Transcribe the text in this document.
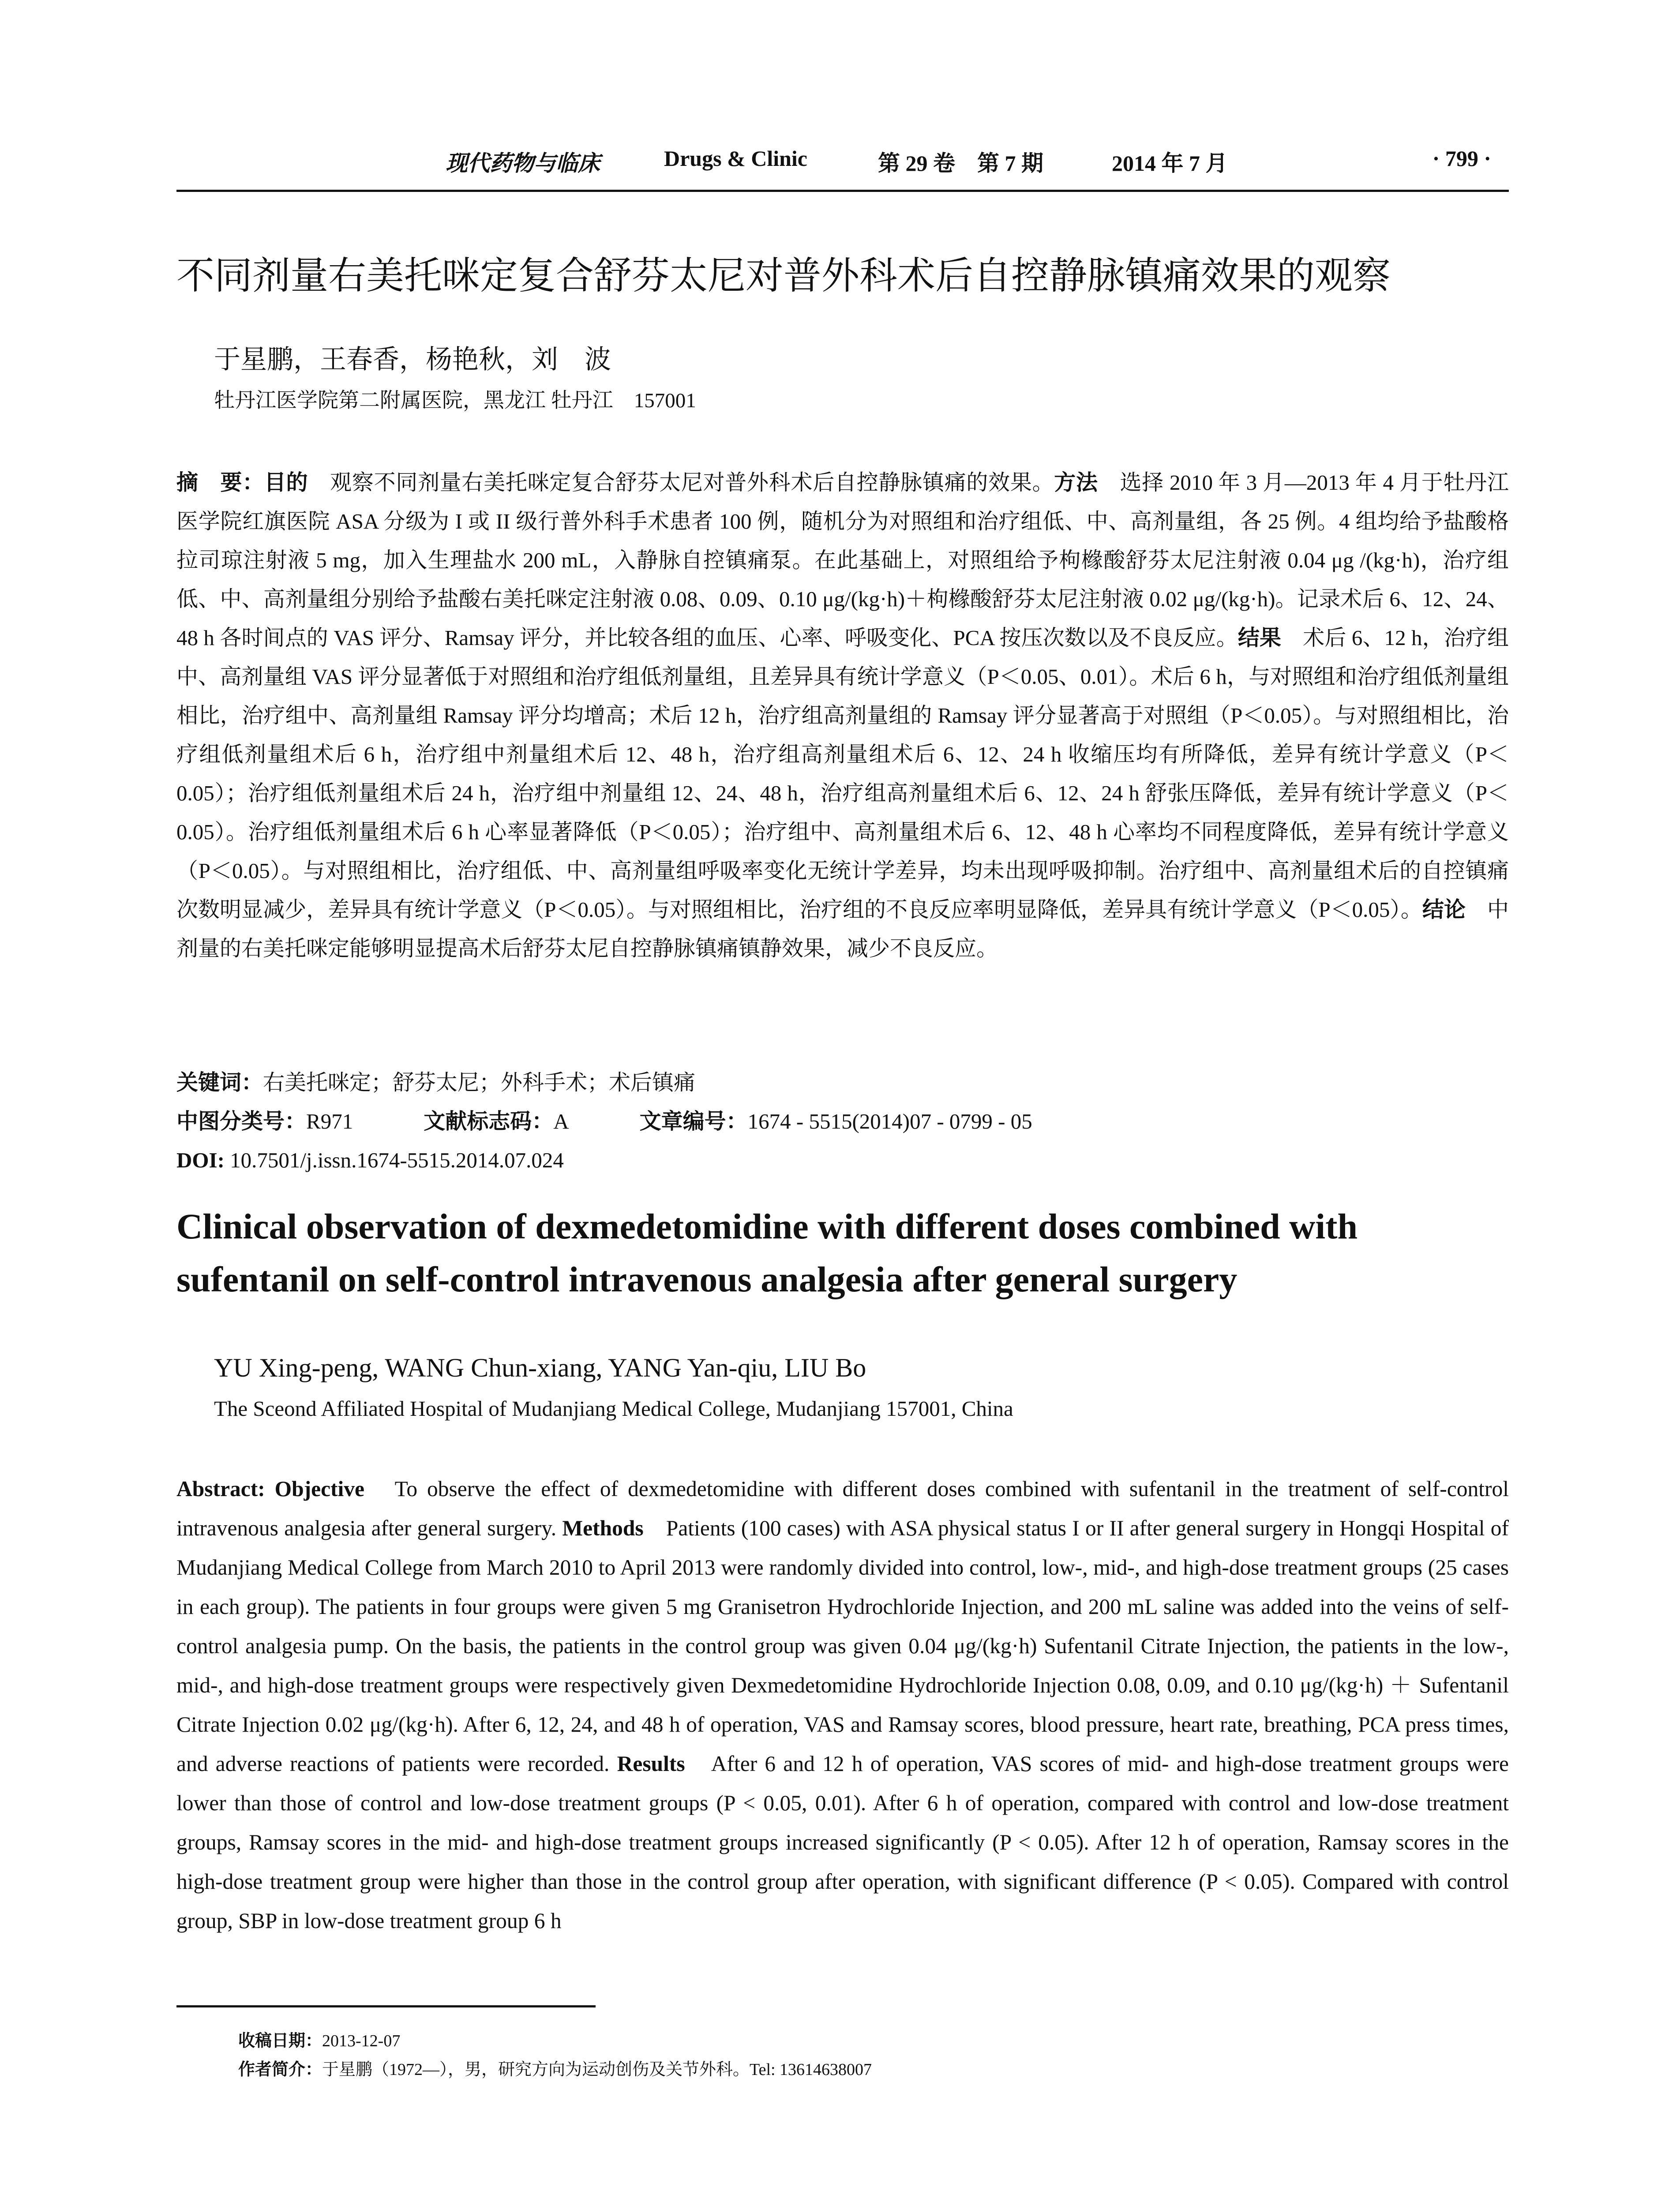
现代药物与临床	Drugs & Clinic	第 29 卷　第 7 期	2014 年 7 月	· 799 ·
不同剂量右美托咪定复合舒芬太尼对普外科术后自控静脉镇痛效果的观察
于星鹏，王春香，杨艳秋，刘　波
牡丹江医学院第二附属医院，黑龙江 牡丹江　157001
摘　要：目的　观察不同剂量右美托咪定复合舒芬太尼对普外科术后自控静脉镇痛的效果。方法　选择 2010 年 3 月—2013 年 4 月于牡丹江医学院红旗医院 ASA 分级为 I 或 II 级行普外科手术患者 100 例，随机分为对照组和治疗组低、中、高剂量组，各 25 例。4 组均给予盐酸格拉司琼注射液 5 mg，加入生理盐水 200 mL，入静脉自控镇痛泵。在此基础上，对照组给予枸橼酸舒芬太尼注射液 0.04 μg /(kg·h)，治疗组低、中、高剂量组分别给予盐酸右美托咪定注射液 0.08、0.09、0.10 μg/(kg·h)＋枸橼酸舒芬太尼注射液 0.02 μg/(kg·h)。记录术后 6、12、24、48 h 各时间点的 VAS 评分、Ramsay 评分，并比较各组的血压、心率、呼吸变化、PCA 按压次数以及不良反应。结果　术后 6、12 h，治疗组中、高剂量组 VAS 评分显著低于对照组和治疗组低剂量组，且差异具有统计学意义（P＜0.05、0.01）。术后 6 h，与对照组和治疗组低剂量组相比，治疗组中、高剂量组 Ramsay 评分均增高；术后 12 h，治疗组高剂量组的 Ramsay 评分显著高于对照组（P＜0.05）。与对照组相比，治疗组低剂量组术后 6 h，治疗组中剂量组术后 12、48 h，治疗组高剂量组术后 6、12、24 h 收缩压均有所降低，差异有统计学意义（P＜0.05）；治疗组低剂量组术后 24 h，治疗组中剂量组 12、24、48 h，治疗组高剂量组术后 6、12、24 h 舒张压降低，差异有统计学意义（P＜0.05）。治疗组低剂量组术后 6 h 心率显著降低（P＜0.05）；治疗组中、高剂量组术后 6、12、48 h 心率均不同程度降低，差异有统计学意义（P＜0.05）。与对照组相比，治疗组低、中、高剂量组呼吸率变化无统计学差异，均未出现呼吸抑制。治疗组中、高剂量组术后的自控镇痛次数明显减少，差异具有统计学意义（P＜0.05）。与对照组相比，治疗组的不良反应率明显降低，差异具有统计学意义（P＜0.05）。结论　中剂量的右美托咪定能够明显提高术后舒芬太尼自控静脉镇痛镇静效果，减少不良反应。
关键词：右美托咪定；舒芬太尼；外科手术；术后镇痛
中图分类号：R971	文献标志码：A	文章编号：1674 - 5515(2014)07 - 0799 - 05
DOI: 10.7501/j.issn.1674-5515.2014.07.024
Clinical observation of dexmedetomidine with different doses combined with sufentanil on self-control intravenous analgesia after general surgery
YU Xing-peng, WANG Chun-xiang, YANG Yan-qiu, LIU Bo
The Sceond Affiliated Hospital of Mudanjiang Medical College, Mudanjiang 157001, China
Abstract: Objective　To observe the effect of dexmedetomidine with different doses combined with sufentanil in the treatment of self-control intravenous analgesia after general surgery. Methods　Patients (100 cases) with ASA physical status I or II after general surgery in Hongqi Hospital of Mudanjiang Medical College from March 2010 to April 2013 were randomly divided into control, low-, mid-, and high-dose treatment groups (25 cases in each group). The patients in four groups were given 5 mg Granisetron Hydrochloride Injection, and 200 mL saline was added into the veins of self-control analgesia pump. On the basis, the patients in the control group was given 0.04 μg/(kg·h) Sufentanil Citrate Injection, the patients in the low-, mid-, and high-dose treatment groups were respectively given Dexmedetomidine Hydrochloride Injection 0.08, 0.09, and 0.10 μg/(kg·h) ＋ Sufentanil Citrate Injection 0.02 μg/(kg·h). After 6, 12, 24, and 48 h of operation, VAS and Ramsay scores, blood pressure, heart rate, breathing, PCA press times, and adverse reactions of patients were recorded. Results　After 6 and 12 h of operation, VAS scores of mid- and high-dose treatment groups were lower than those of control and low-dose treatment groups (P < 0.05, 0.01). After 6 h of operation, compared with control and low-dose treatment groups, Ramsay scores in the mid- and high-dose treatment groups increased significantly (P < 0.05). After 12 h of operation, Ramsay scores in the high-dose treatment group were higher than those in the control group after operation, with significant difference (P < 0.05). Compared with control group, SBP in low-dose treatment group 6 h
收稿日期：2013-12-07
作者简介：于星鹏（1972—），男，研究方向为运动创伤及关节外科。Tel: 13614638007
